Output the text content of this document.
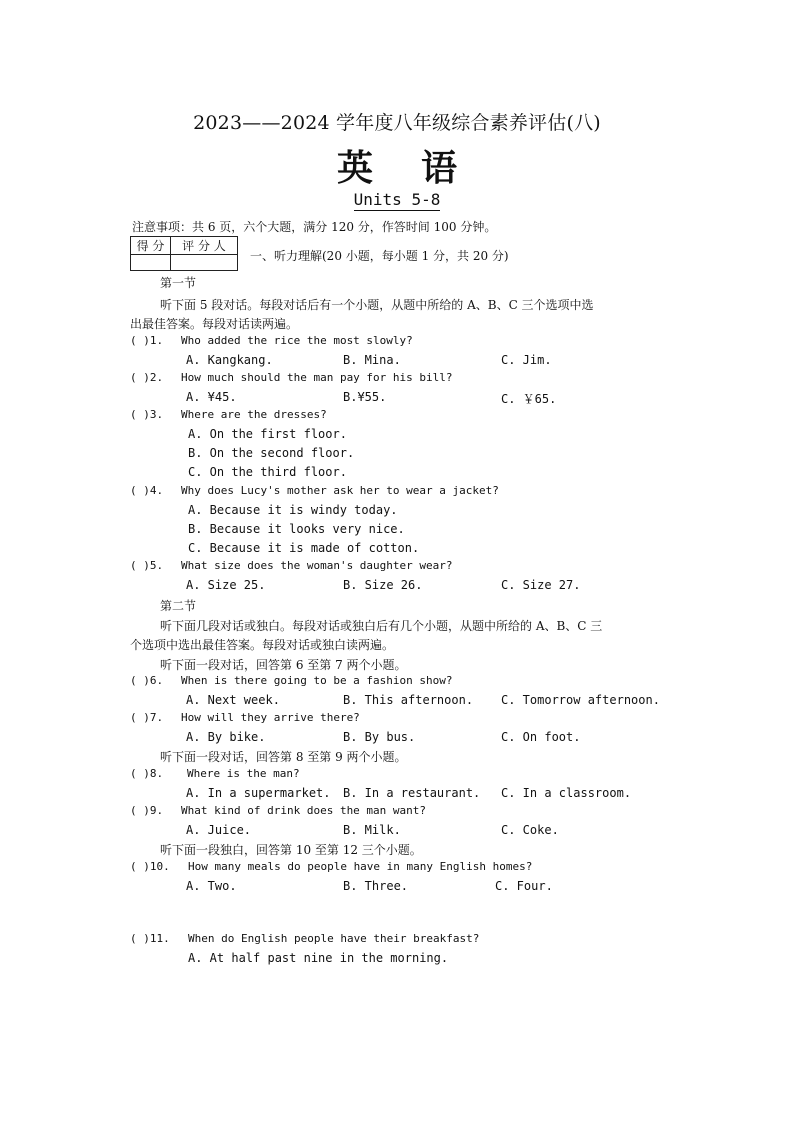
2023——2024 学年度八年级综合素养评估(八)
英语
Units 5-8
注意事项：共 6 页，六个大题，满分 120 分，作答时间 100 分钟。
得 分	评 分 人

一、听力理解(20 小题，每小题 1 分，共 20 分)
第一节
听下面 5 段对话。每段对话后有一个小题，从题中所给的 A、B、C 三个选项中选
出最佳答案。每段对话读两遍。
( )1. Who added the rice the most slowly?
A. Kangkang.	B. Mina.	C. Jim.
( )2. How much should the man pay for his bill?
A. ¥45.	B.¥55.	C. ￥65.
( )3. Where are the dresses?
A. On the first floor.
B. On the second floor.
C. On the third floor.
( )4. Why does Lucy's mother ask her to wear a jacket?
A. Because it is windy today.
B. Because it looks very nice.
C. Because it is made of cotton.
( )5. What size does the woman's daughter wear?
A. Size 25.	B. Size 26.	C. Size 27.
第二节
听下面几段对话或独白。每段对话或独白后有几个小题，从题中所给的 A、B、C 三
个选项中选出最佳答案。每段对话或独白读两遍。
听下面一段对话，回答第 6 至第 7 两个小题。
( )6. When is there going to be a fashion show?
A. Next week.	B. This afternoon. C. Tomorrow afternoon.
( )7. How will they arrive there?
A. By bike.	B. By bus.	C. On foot.
听下面一段对话，回答第 8 至第 9 两个小题。
( )8. Where is the man?
A. In a supermarket. B. In a restaurant. C. In a classroom.
( )9. What kind of drink does the man want?
A. Juice.	B. Milk.	C. Coke.
听下面一段独白，回答第 10 至第 12 三个小题。
( )10. How many meals do people have in many English homes?
A. Two.	B. Three.	C. Four.
( )11. When do English people have their breakfast?
A. At half past nine in the morning.
